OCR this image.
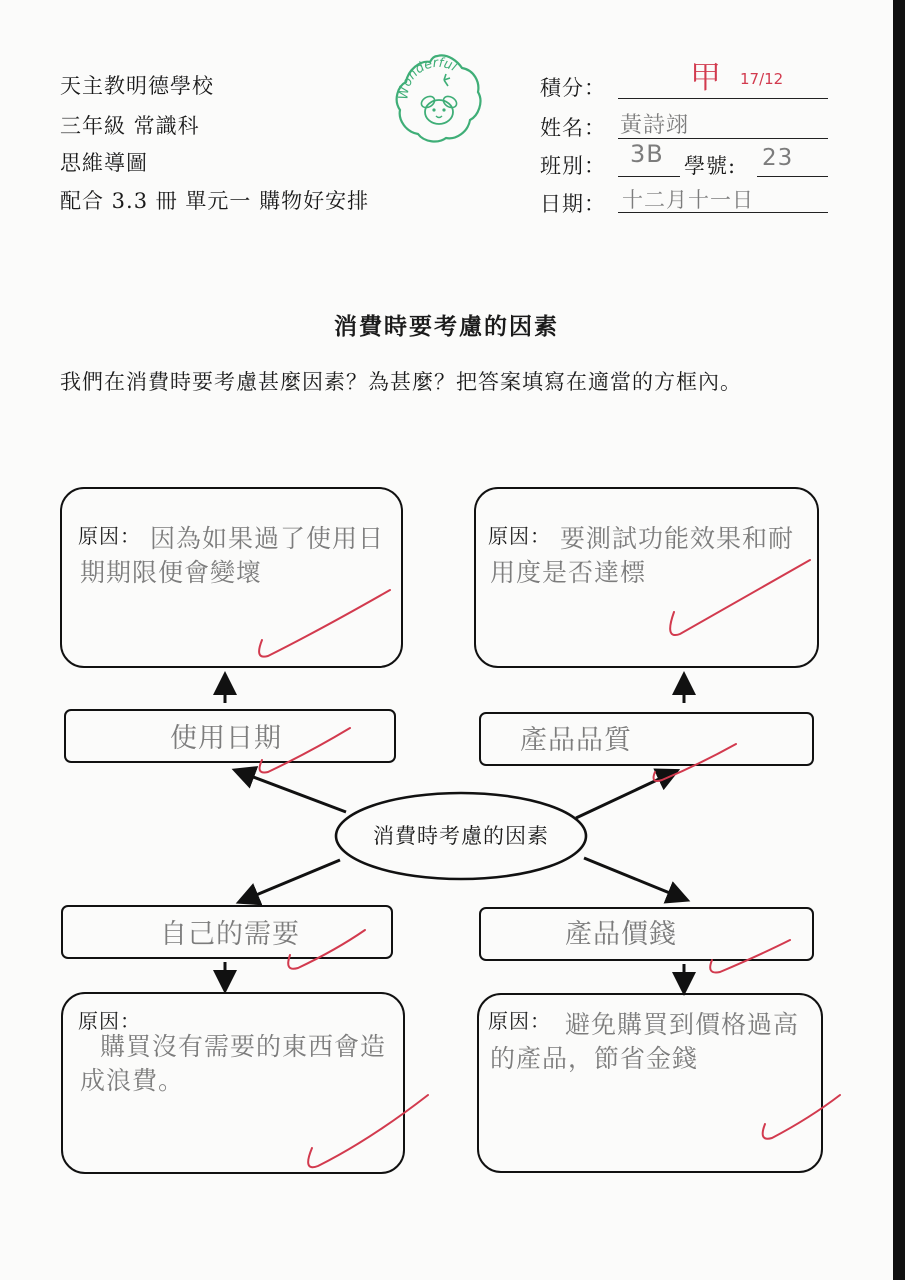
天主教明德學校
三年級 常識科
思維導圖
配合 3.3 冊 單元一 購物好安排
Wonderful
積分：	甲 17/12
姓名： 黃詩翊
班別： 3B 學號: 23
日期： 十二月十一日
消費時要考慮的因素
我們在消費時要考慮甚麼因素？為甚麼？把答案填寫在適當的方框內。
消費時考慮的因素
原因： 因為如果過了使用日期期限便會變壞
使用日期
原因： 要測試功能效果和耐用度是否達標
產品品質
自己的需要
原因：
購買沒有需要的東西會造成浪費。
產品價錢
原因： 避免購買到價格過高的產品，節省金錢
